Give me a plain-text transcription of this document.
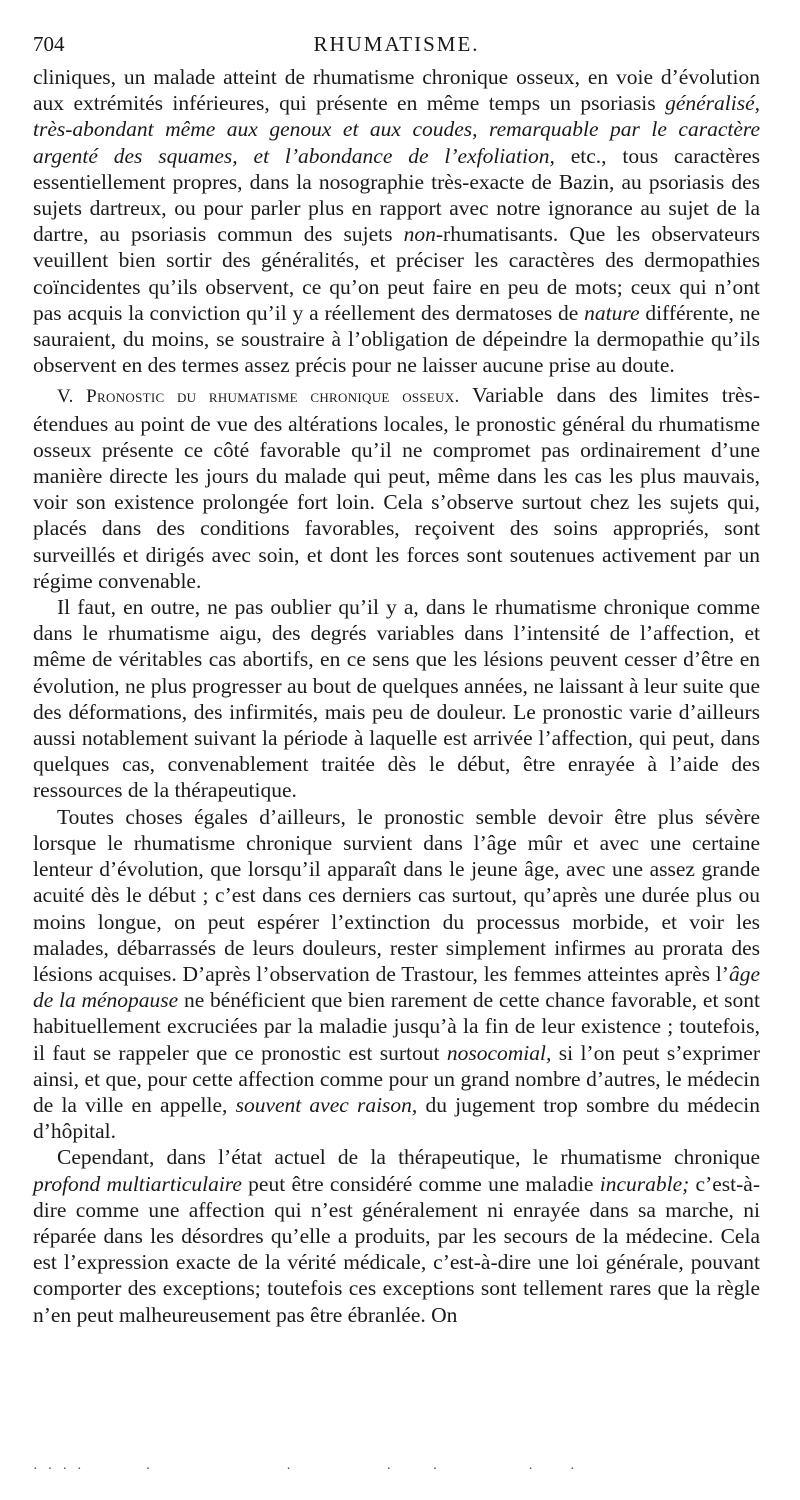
704	RHUMATISME.

cliniques, un malade atteint de rhumatisme chronique osseux, en voie d’évolution aux extrémités inférieures, qui présente en même temps un psoriasis généralisé, très-abondant même aux genoux et aux coudes, remarquable par le caractère argenté des squames, et l’abondance de l’exfoliation, etc., tous caractères essentiellement propres, dans la nosographie très-exacte de Bazin, au psoriasis des sujets dartreux, ou pour parler plus en rapport avec notre ignorance au sujet de la dartre, au psoriasis commun des sujets non-rhumatisants. Que les observateurs veuillent bien sortir des généralités, et préciser les caractères des dermopathies coïncidentes qu’ils observent, ce qu’on peut faire en peu de mots; ceux qui n’ont pas acquis la conviction qu’il y a réellement des dermatoses de nature différente, ne sauraient, du moins, se soustraire à l’obligation de dépeindre la dermopathie qu’ils observent en des termes assez précis pour ne laisser aucune prise au doute.

V. Pronostic du rhumatisme chronique osseux. Variable dans des limites très-étendues au point de vue des altérations locales, le pronostic général du rhumatisme osseux présente ce côté favorable qu’il ne compromet pas ordinairement d’une manière directe les jours du malade qui peut, même dans les cas les plus mauvais, voir son existence prolongée fort loin. Cela s’observe surtout chez les sujets qui, placés dans des conditions favorables, reçoivent des soins appropriés, sont surveillés et dirigés avec soin, et dont les forces sont soutenues activement par un régime convenable.

Il faut, en outre, ne pas oublier qu’il y a, dans le rhumatisme chronique comme dans le rhumatisme aigu, des degrés variables dans l’intensité de l’affection, et même de véritables cas abortifs, en ce sens que les lésions peuvent cesser d’être en évolution, ne plus progresser au bout de quelques années, ne laissant à leur suite que des déformations, des infirmités, mais peu de douleur. Le pronostic varie d’ailleurs aussi notablement suivant la période à laquelle est arrivée l’affection, qui peut, dans quelques cas, convenablement traitée dès le début, être enrayée à l’aide des ressources de la thérapeutique.

Toutes choses égales d’ailleurs, le pronostic semble devoir être plus sévère lorsque le rhumatisme chronique survient dans l’âge mûr et avec une certaine lenteur d’évolution, que lorsqu’il apparaît dans le jeune âge, avec une assez grande acuité dès le début ; c’est dans ces derniers cas surtout, qu’après une durée plus ou moins longue, on peut espérer l’extinction du processus morbide, et voir les malades, débarrassés de leurs douleurs, rester simplement infirmes au prorata des lésions acquises. D’après l’observation de Trastour, les femmes atteintes après l’âge de la ménopause ne bénéficient que bien rarement de cette chance favorable, et sont habituellement excruciées par la maladie jusqu’à la fin de leur existence ; toutefois, il faut se rappeler que ce pronostic est surtout nosocomial, si l’on peut s’exprimer ainsi, et que, pour cette affection comme pour un grand nombre d’autres, le médecin de la ville en appelle, souvent avec raison, du jugement trop sombre du médecin d’hôpital.

Cependant, dans l’état actuel de la thérapeutique, le rhumatisme chronique profond multiarticulaire peut être considéré comme une maladie incurable; c’est-à-dire comme une affection qui n’est généralement ni enrayée dans sa marche, ni réparée dans les désordres qu’elle a produits, par les secours de la médecine. Cela est l’expression exacte de la vérité médicale, c’est-à-dire une loi générale, pouvant comporter des exceptions; toutefois ces exceptions sont tellement rares que la règle n’en peut malheureusement pas être ébranlée. On

·  ·  ·  ·              ·                              ·                     ·         ·                    ·        ·
